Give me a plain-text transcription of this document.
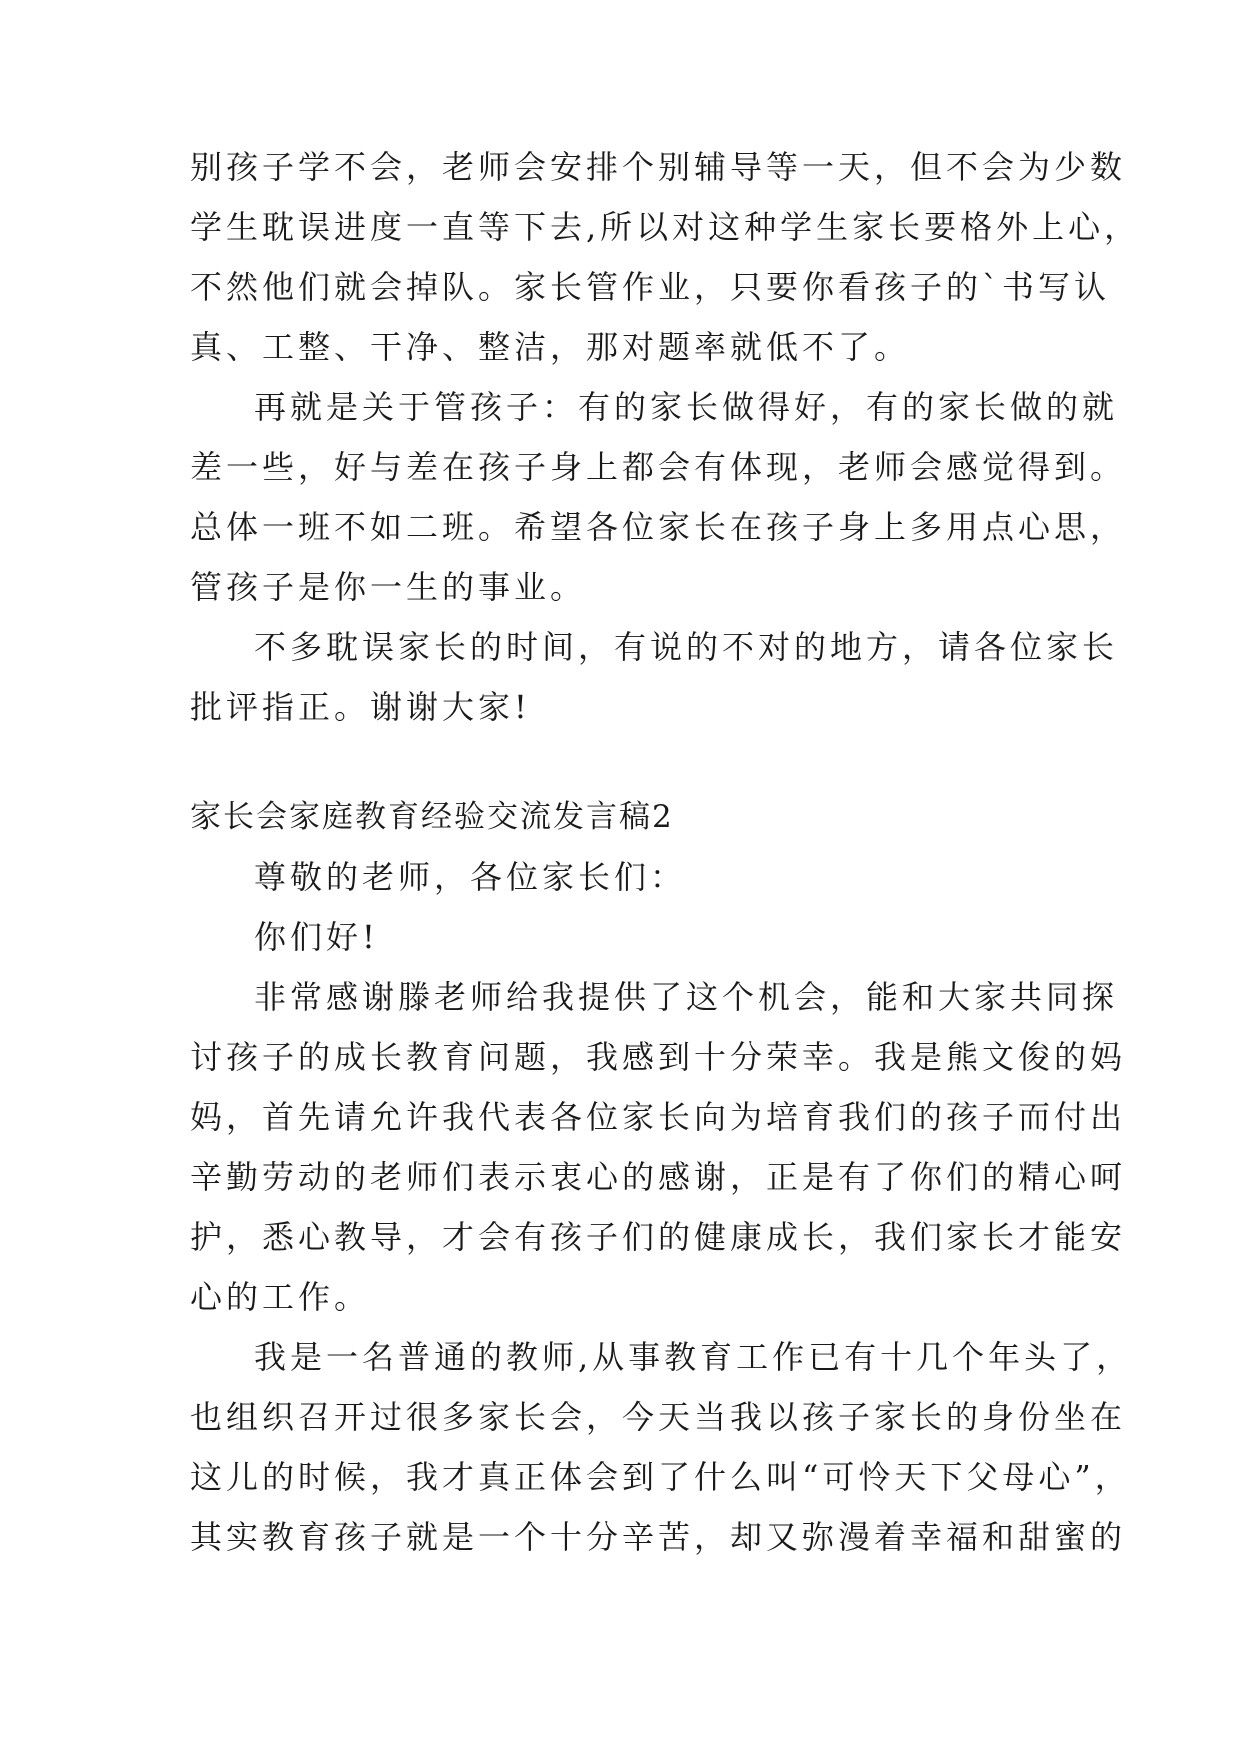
别孩子学不会，老师会安排个别辅导等一天，但不会为少数
学生耽误进度一直等下去,所以对这种学生家长要格外上心，
不然他们就会掉队。家长管作业，只要你看孩子的`书写认
真、工整、干净、整洁，那对题率就低不了。
再就是关于管孩子：有的家长做得好，有的家长做的就
差一些，好与差在孩子身上都会有体现，老师会感觉得到。
总体一班不如二班。希望各位家长在孩子身上多用点心思，
管孩子是你一生的事业。
不多耽误家长的时间，有说的不对的地方，请各位家长
批评指正。谢谢大家!
家长会家庭教育经验交流发言稿2
尊敬的老师，各位家长们：
你们好!
非常感谢滕老师给我提供了这个机会，能和大家共同探
讨孩子的成长教育问题，我感到十分荣幸。我是熊文俊的妈
妈，首先请允许我代表各位家长向为培育我们的孩子而付出
辛勤劳动的老师们表示衷心的感谢，正是有了你们的精心呵
护，悉心教导，才会有孩子们的健康成长，我们家长才能安
心的工作。
我是一名普通的教师,从事教育工作已有十几个年头了，
也组织召开过很多家长会，今天当我以孩子家长的身份坐在
这儿的时候，我才真正体会到了什么叫“可怜天下父母心”，
其实教育孩子就是一个十分辛苦，却又弥漫着幸福和甜蜜的
